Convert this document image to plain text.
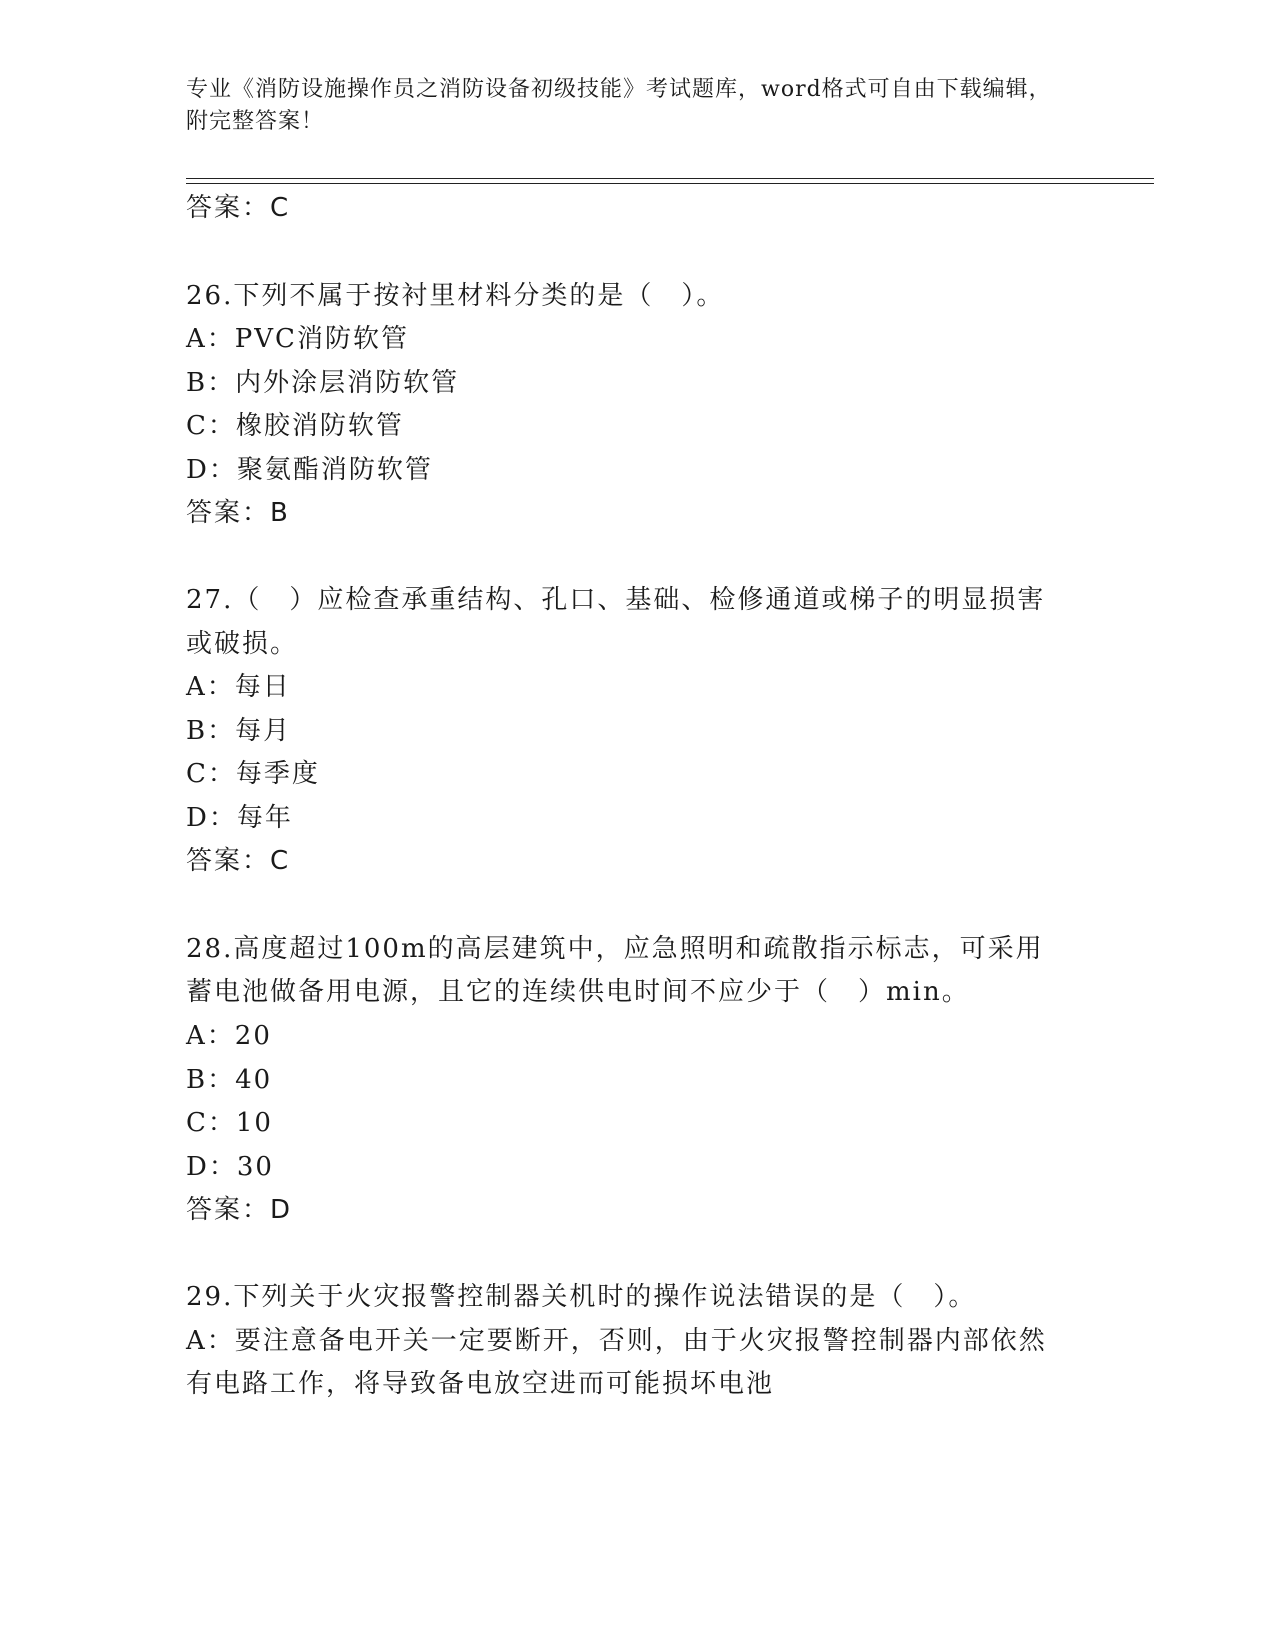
专业《消防设施操作员之消防设备初级技能》考试题库，word格式可自由下载编辑，附完整答案！
答案：C
26.下列不属于按衬里材料分类的是（　）。
A：PVC消防软管
B：内外涂层消防软管
C：橡胶消防软管
D：聚氨酯消防软管
答案：B
27.（　）应检查承重结构、孔口、基础、检修通道或梯子的明显损害
或破损。
A：每日
B：每月
C：每季度
D：每年
答案：C
28.高度超过100m的高层建筑中，应急照明和疏散指示标志，可采用
蓄电池做备用电源，且它的连续供电时间不应少于（　）min。
A：20
B：40
C：10
D：30
答案：D
29.下列关于火灾报警控制器关机时的操作说法错误的是（　）。
A：要注意备电开关一定要断开，否则，由于火灾报警控制器内部依然
有电路工作，将导致备电放空进而可能损坏电池
